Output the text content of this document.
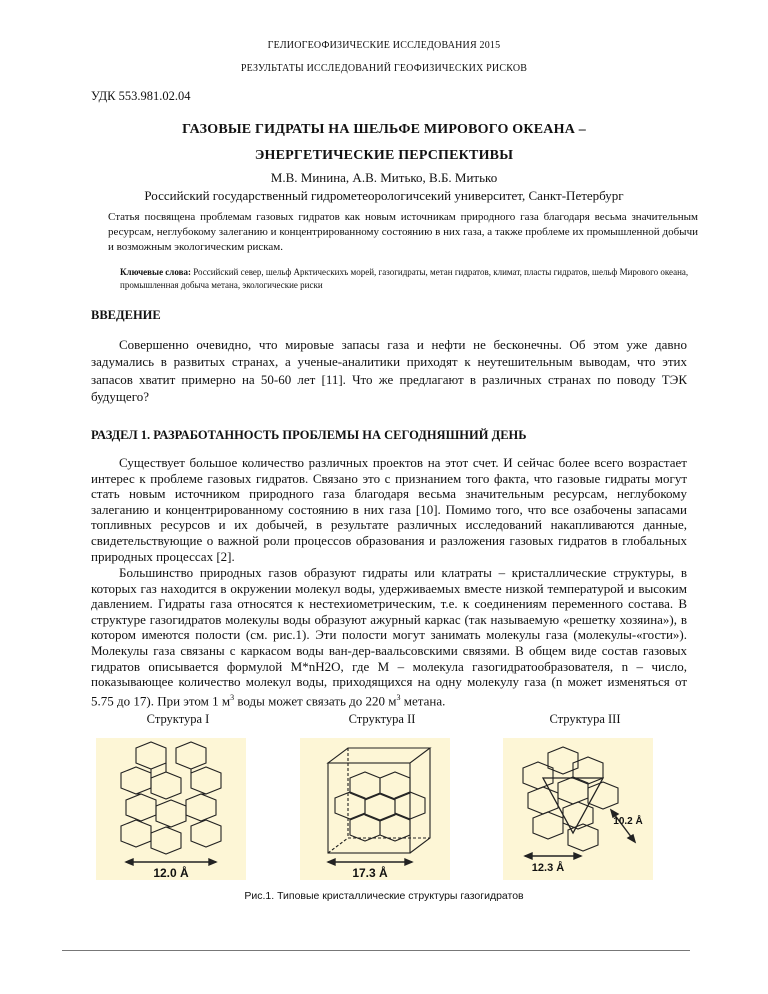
ГЕЛИОГЕОФИЗИЧЕСКИЕ ИССЛЕДОВАНИЯ 2015
РЕЗУЛЬТАТЫ ИССЛЕДОВАНИЙ ГЕОФИЗИЧЕСКИХ РИСКОВ
УДК 553.981.02.04
ГАЗОВЫЕ ГИДРАТЫ НА ШЕЛЬФЕ МИРОВОГО ОКЕАНА –
ЭНЕРГЕТИЧЕСКИЕ ПЕРСПЕКТИВЫ
М.В. Минина, А.В. Митько, В.Б. Митько
Российский государственный гидрометеорологичсекий университет, Санкт-Петербург
Статья посвящена проблемам газовых гидратов как новым источникам природного газа благодаря весьма значительным ресурсам, неглубокому залеганию и концентрированному состоянию в них газа, а также проблеме их промышленной добычи и возможным экологическим рискам.
Ключевые слова: Российский север, шельф Арктическихъ морей, газогидраты, метан гидратов, климат, пласты гидратов, шельф Мирового океана, промышленная добыча метана, экологические риски
ВВЕДЕНИЕ
Совершенно очевидно, что мировые запасы газа и нефти не бесконечны. Об этом уже давно задумались в развитых странах, а ученые-аналитики приходят к неутешительным выводам, что этих запасов хватит примерно на 50-60 лет [11]. Что же предлагают в различных странах по поводу ТЭК будущего?
РАЗДЕЛ 1. РАЗРАБОТАННОСТЬ ПРОБЛЕМЫ НА СЕГОДНЯШНИЙ ДЕНЬ
Существует большое количество различных проектов на этот счет. И сейчас более всего возрастает интерес к проблеме газовых гидратов. Связано это с признанием того факта, что газовые гидраты могут стать новым источником природного газа благодаря весьма значительным ресурсам, неглубокому залеганию и концентрированному состоянию в них газа [10]. Помимо того, что все озабочены запасами топливных ресурсов и их добычей, в результате различных исследований накапливаются данные, свидетельствующие о важной роли процессов образования и разложения газовых гидратов в глобальных природных процессах [2].
Большинство природных газов образуют гидраты или клатраты – кристаллические структуры, в которых газ находится в окружении молекул воды, удерживаемых вместе низкой температурой и высоким давлением. Гидраты газа относятся к нестехиометрическим, т.е. к соединениям переменного состава. В структуре газогидратов молекулы воды образуют ажурный каркас (так называемую «решетку хозяина»), в котором имеются полости (см. рис.1). Эти полости могут занимать молекулы газа (молекулы-«гости»). Молекулы газа связаны с каркасом воды ван-дер-ваальсовскими связями. В общем виде состав газовых гидратов описывается формулой М*nH2O, где М – молекула газогидратообразователя, n – число, показывающее количество молекул воды, приходящихся на одну молекулу газа (n может изменяться от 5.75 до 17). При этом 1 $м^3$ воды может связать до 220 $м^3$ метана.
Структура I	Структура II	Структура III
12.0 Å	17.3 Å	12.3 Å
10.2 Å
Рис.1. Типовые кристаллические структуры газогидратов
